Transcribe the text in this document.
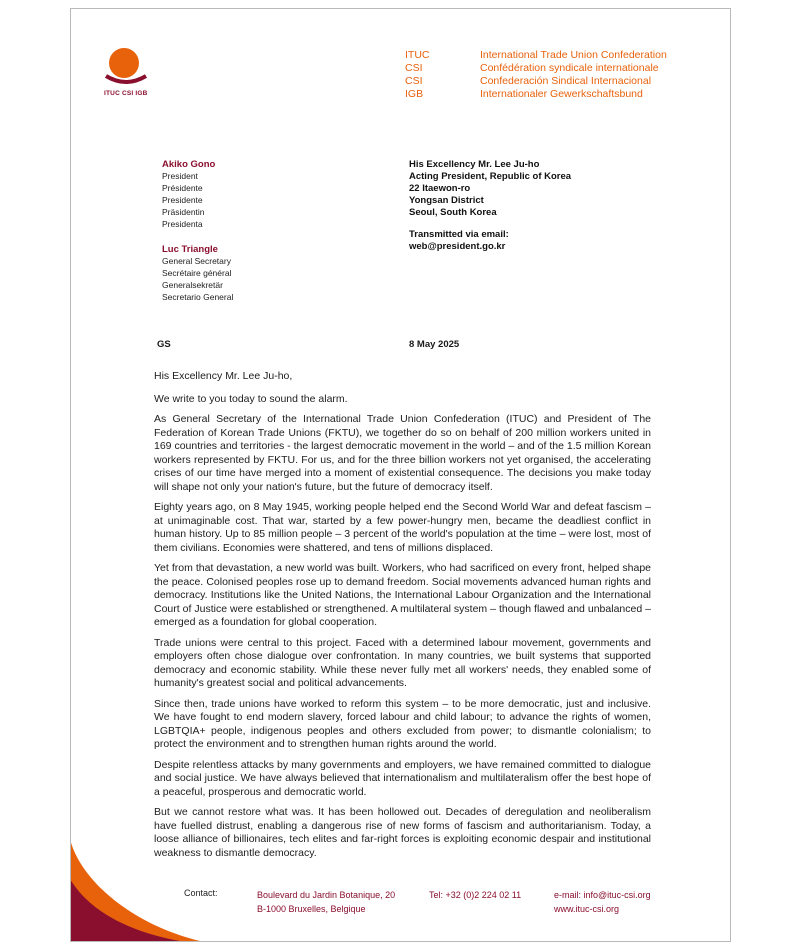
ITUC CSI IGB
ITUC	International Trade Union Confederation
CSI	Confédération syndicale internationale
CSI	Confederación Sindical Internacional
IGB	Internationaler Gewerkschaftsbund
Akiko Gono
President
Présidente
Presidente
Präsidentin
Presidenta
Luc Triangle
General Secretary
Secrétaire général
Generalsekretär
Secretario General
His Excellency Mr. Lee Ju-ho
Acting President, Republic of Korea
22 Itaewon-ro
Yongsan District
Seoul, South Korea
Transmitted via email:
web@president.go.kr
GS	8 May 2025

His Excellency Mr. Lee Ju-ho,

We write to you today to sound the alarm.

As General Secretary of the International Trade Union Confederation (ITUC) and President of The Federation of Korean Trade Unions (FKTU), we together do so on behalf of 200 million workers united in 169 countries and territories - the largest democratic movement in the world – and of the 1.5 million Korean workers represented by FKTU. For us, and for the three billion workers not yet organised, the accelerating crises of our time have merged into a moment of existential consequence. The decisions you make today will shape not only your nation's future, but the future of democracy itself.

Eighty years ago, on 8 May 1945, working people helped end the Second World War and defeat fascism – at unimaginable cost. That war, started by a few power-hungry men, became the deadliest conflict in human history. Up to 85 million people – 3 percent of the world's population at the time – were lost, most of them civilians. Economies were shattered, and tens of millions displaced.

Yet from that devastation, a new world was built. Workers, who had sacrificed on every front, helped shape the peace. Colonised peoples rose up to demand freedom. Social movements advanced human rights and democracy. Institutions like the United Nations, the International Labour Organization and the International Court of Justice were established or strengthened. A multilateral system – though flawed and unbalanced – emerged as a foundation for global cooperation.

Trade unions were central to this project. Faced with a determined labour movement, governments and employers often chose dialogue over confrontation. In many countries, we built systems that supported democracy and economic stability. While these never fully met all workers' needs, they enabled some of humanity's greatest social and political advancements.

Since then, trade unions have worked to reform this system – to be more democratic, just and inclusive. We have fought to end modern slavery, forced labour and child labour; to advance the rights of women, LGBTQIA+ people, indigenous peoples and others excluded from power; to dismantle colonialism; to protect the environment and to strengthen human rights around the world.

Despite relentless attacks by many governments and employers, we have remained committed to dialogue and social justice. We have always believed that internationalism and multilateralism offer the best hope of a peaceful, prosperous and democratic world.

But we cannot restore what was. It has been hollowed out. Decades of deregulation and neoliberalism have fuelled distrust, enabling a dangerous rise of new forms of fascism and authoritarianism. Today, a loose alliance of billionaires, tech elites and far-right forces is exploiting economic despair and institutional weakness to dismantle democracy.

Contact:	Boulevard du Jardin Botanique, 20
B-1000 Bruxelles, Belgique
Tel: +32 (0)2 224 02 11	e-mail: info@ituc-csi.org
www.ituc-csi.org
